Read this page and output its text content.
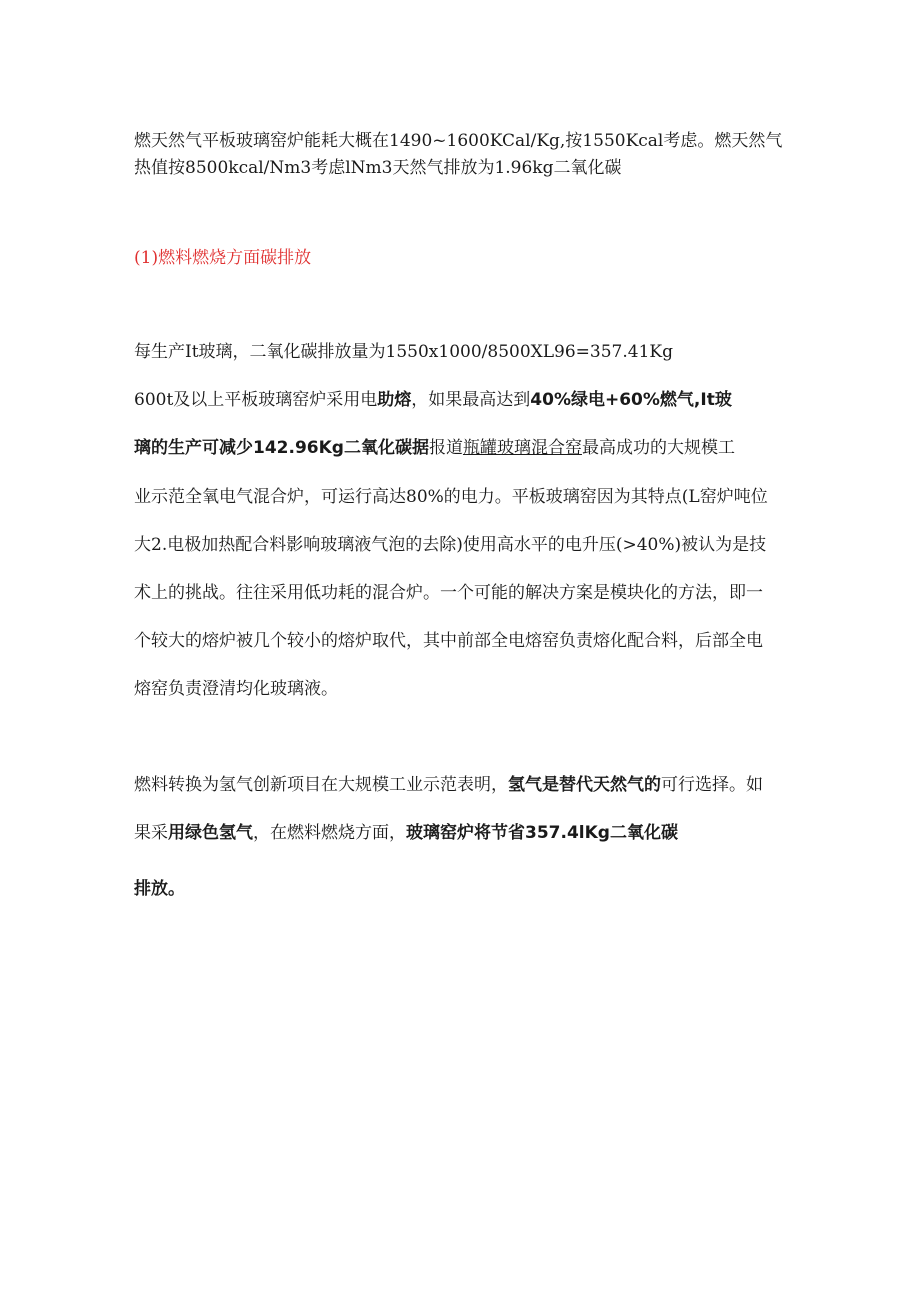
燃天然气平板玻璃窑炉能耗大概在1490~1600KCal/Kg,按1550Kcal考虑。燃天然气
热值按8500kcal/Nm3考虑lNm3天然气排放为1.96kg二氧化碳
(1)燃料燃烧方面碳排放
每生产It玻璃，二氧化碳排放量为1550x1000/8500XL96=357.41Kg
600t及以上平板玻璃窑炉采用电助熔，如果最高达到40%绿电+60%燃气,It玻
璃的生产可减少142.96Kg二氧化碳据报道瓶罐玻璃混合窑最高成功的大规模工
业示范全氧电气混合炉，可运行高达80%的电力。平板玻璃窑因为其特点(L窑炉吨位
大2.电极加热配合料影响玻璃液气泡的去除)使用高水平的电升压(>40%)被认为是技
术上的挑战。往往采用低功耗的混合炉。一个可能的解决方案是模块化的方法，即一
个较大的熔炉被几个较小的熔炉取代，其中前部全电熔窑负责熔化配合料，后部全电
熔窑负责澄清均化玻璃液。
燃料转换为氢气创新项目在大规模工业示范表明，氢气是替代天然气的可行选择。如
果采用绿色氢气，在燃料燃烧方面，玻璃窑炉将节省357.4lKg二氧化碳
排放。
